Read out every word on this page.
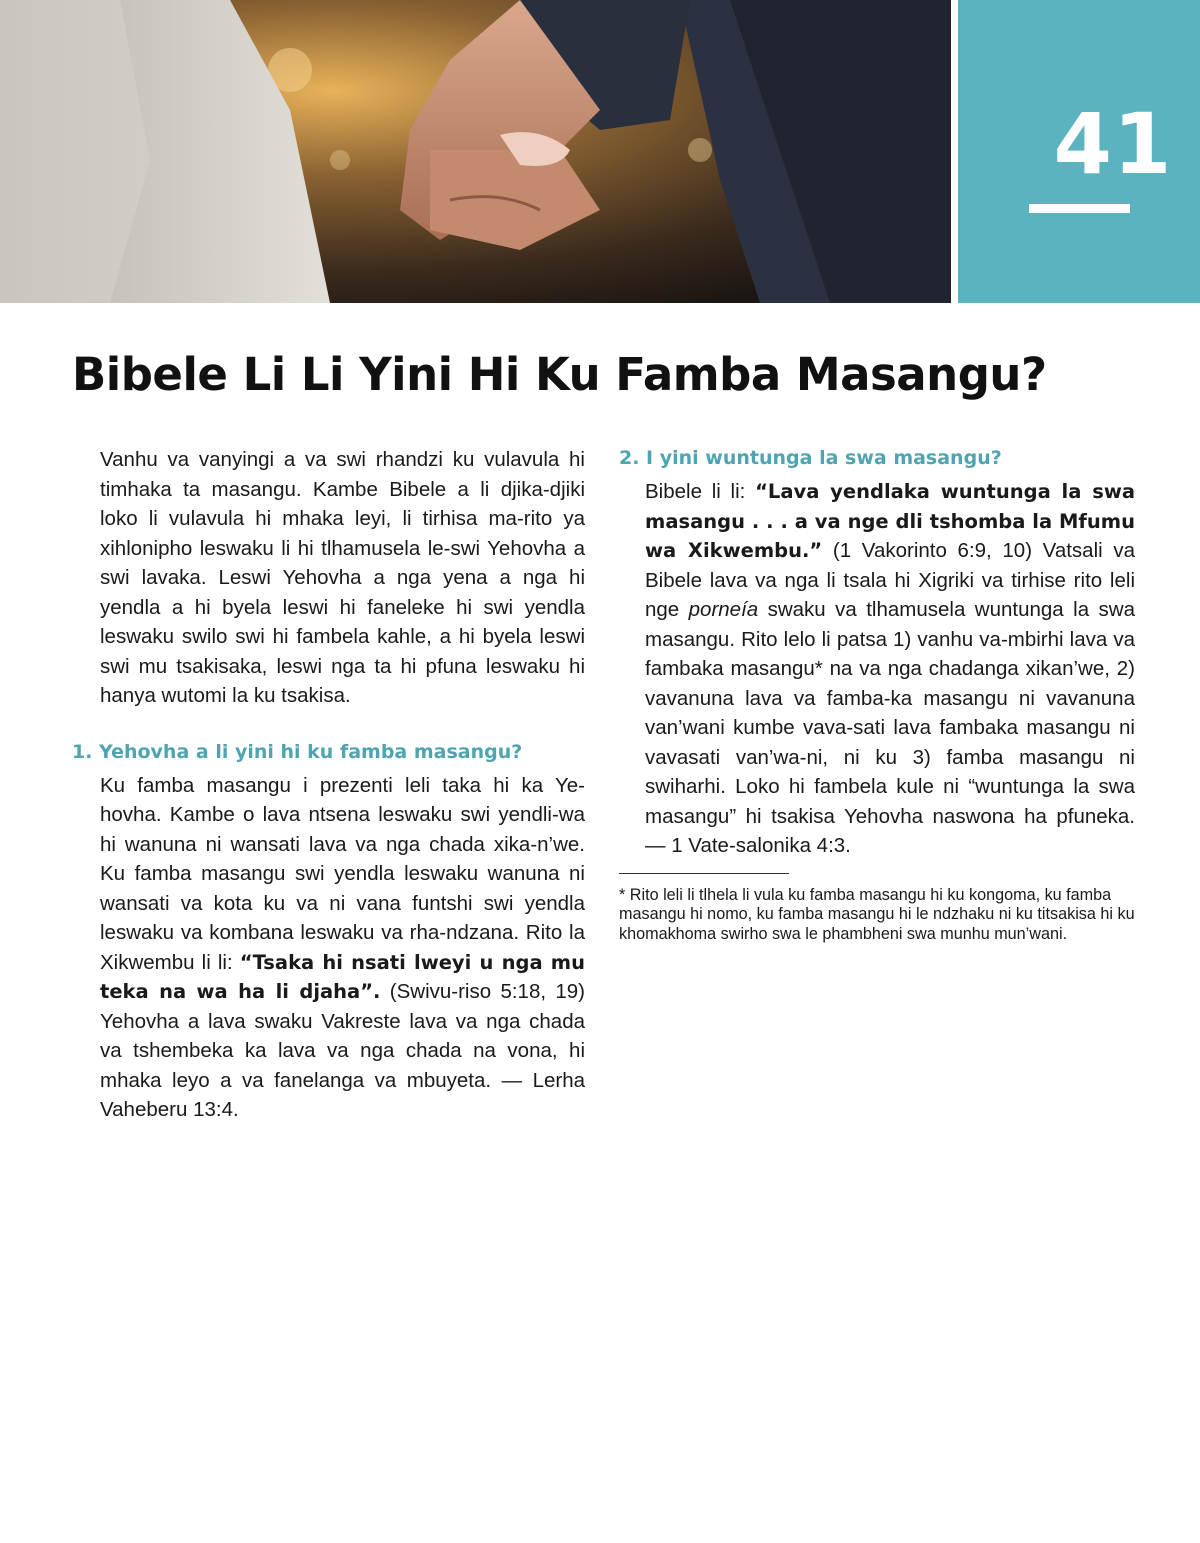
41
Bibele Li Li Yini Hi Ku Famba Masangu?

Vanhu va vanyingi a va swi rhandzi ku vulavula hi timhaka ta masangu. Kambe Bibele a li djika-djiki loko li vulavula hi mhaka leyi, li tirhisa ma-rito ya xihlonipho leswaku li hi tlhamusela le-swi Yehovha a swi lavaka. Leswi Yehovha a nga yena a nga hi yendla a hi byela leswi hi faneleke hi swi yendla leswaku swilo swi hi fambela kahle, a hi byela leswi swi mu tsakisaka, leswi nga ta hi pfuna leswaku hi hanya wutomi la ku tsakisa.

1. Yehovha a li yini hi ku famba masangu?

Ku famba masangu i prezenti leli taka hi ka Ye-hovha. Kambe o lava ntsena leswaku swi yendli-wa hi wanuna ni wansati lava va nga chada xika-n’we. Ku famba masangu swi yendla leswaku wanuna ni wansati va kota ku va ni vana funtshi swi yendla leswaku va kombana leswaku va rha-ndzana. Rito la Xikwembu li li: “Tsaka hi nsati lweyi u nga mu teka na wa ha li djaha”. (Swivu-riso 5:18, 19) Yehovha a lava swaku Vakreste lava va nga chada va tshembeka ka lava va nga chada na vona, hi mhaka leyo a va fanelanga va mbuyeta. — Lerha Vaheberu 13:4.

2. I yini wuntunga la swa masangu?

Bibele li li: “Lava yendlaka wuntunga la swa masangu . . . a va nge dli tshomba la Mfumu wa Xikwembu.” (1 Vakorinto 6:9, 10) Vatsali va Bibele lava va nga li tsala hi Xigriki va tirhise rito leli nge porneía swaku va tlhamusela wuntunga la swa masangu. Rito lelo li patsa 1) vanhu va-mbirhi lava va fambaka masangu* na va nga chadanga xikan’we, 2) vavanuna lava va famba-ka masangu ni vavanuna van’wani kumbe vava-sati lava fambaka masangu ni vavasati van’wa-ni, ni ku 3) famba masangu ni swiharhi. Loko hi fambela kule ni “wuntunga la swa masangu” hi tsakisa Yehovha naswona ha pfuneka. — 1 Vate-salonika 4:3.

* Rito leli li tlhela li vula ku famba masangu hi ku kongoma, ku famba masangu hi nomo, ku famba masangu hi le ndzhaku ni ku titsakisa hi ku khomakhoma swirho swa le phambheni swa munhu mun’wani.
